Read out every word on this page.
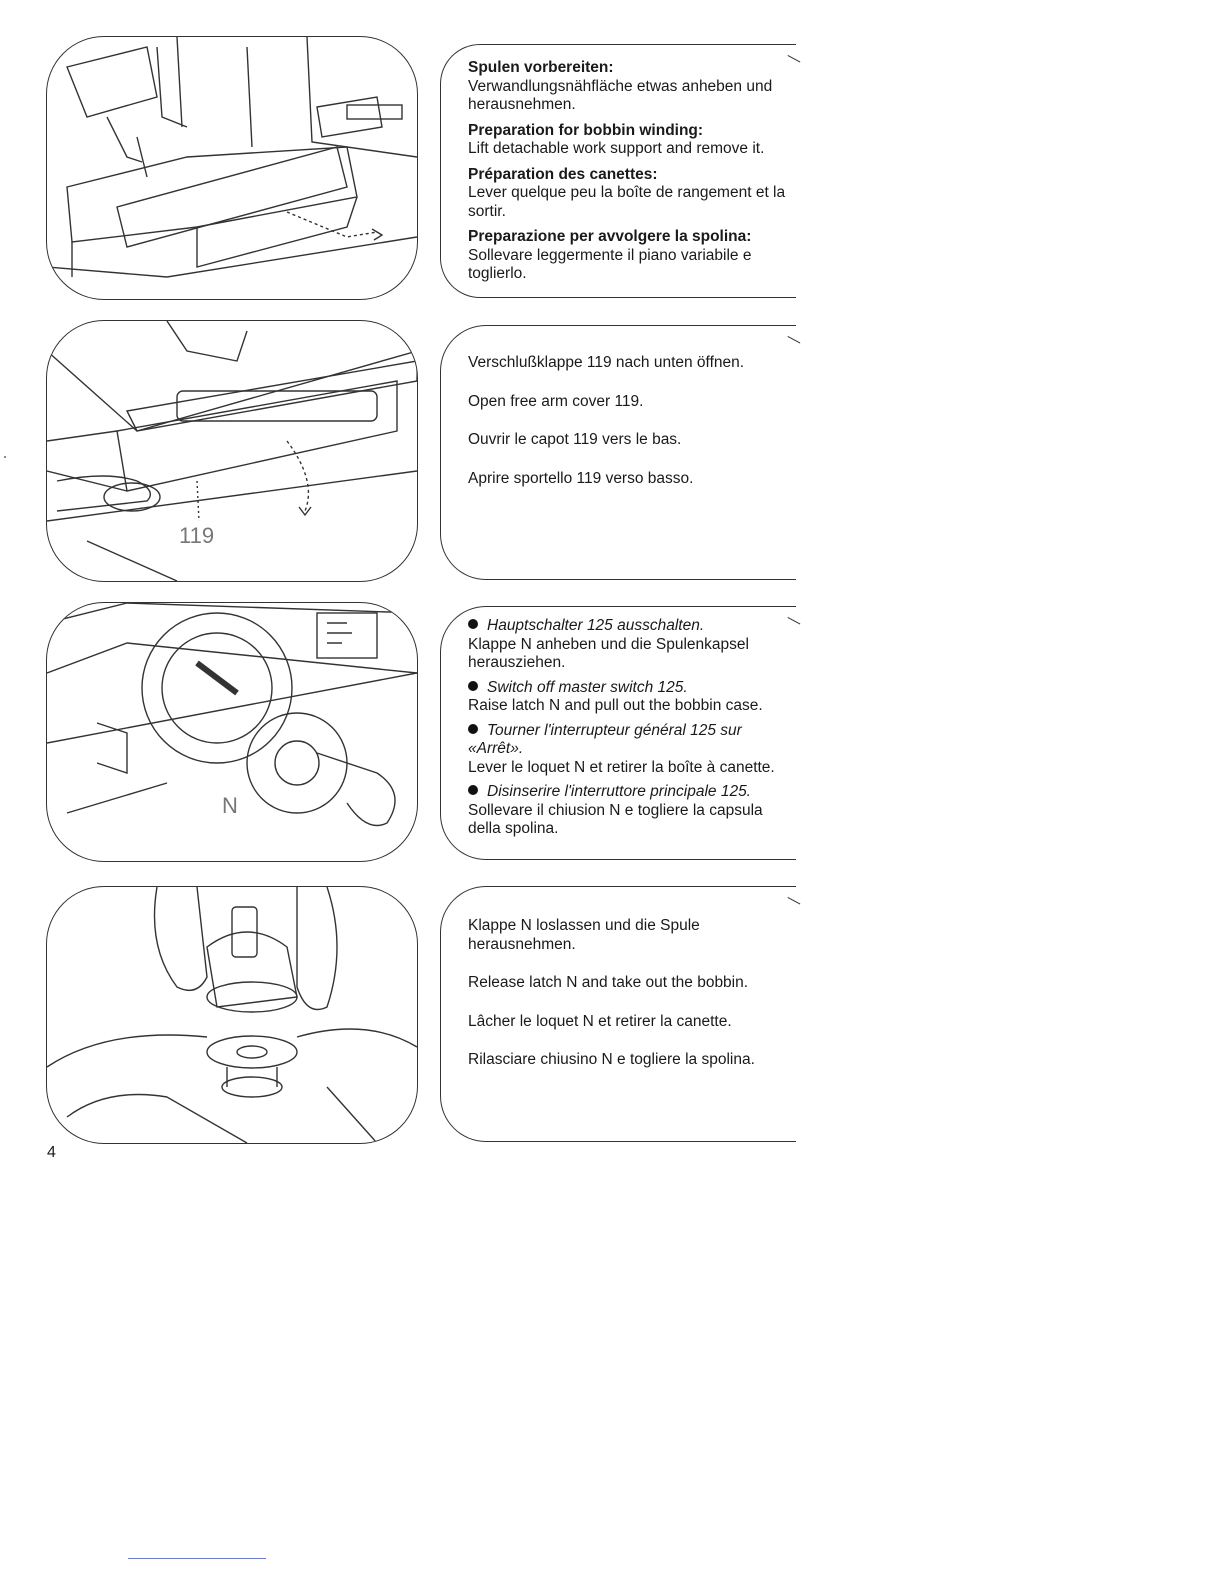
Spulen vorbereiten:
Verwandlungsnähfläche etwas anheben und herausnehmen.
Preparation for bobbin winding:
Lift detachable work support and remove it.
Préparation des canettes:
Lever quelque peu la boîte de rangement et la sortir.
Preparazione per avvolgere la spolina:
Sollevare leggermente il piano variabile e toglierlo.
119
Verschlußklappe 119 nach unten öffnen.
Open free arm cover 119.
Ouvrir le capot 119 vers le bas.
Aprire sportello 119 verso basso.
N
Hauptschalter 125 ausschalten.
Klappe N anheben und die Spulenkapsel herausziehen.
Switch off master switch 125.
Raise latch N and pull out the bobbin case.
Tourner l'interrupteur général 125 sur «Arrêt».
Lever le loquet N et retirer la boîte à canette.
Disinserire l'interruttore principale 125.
Sollevare il chiusion N e togliere la capsula della spolina.
Klappe N loslassen und die Spule herausnehmen.
Release latch N and take out the bobbin.
Lâcher le loquet N et retirer la canette.
Rilasciare chiusino N e togliere la spolina.
4
